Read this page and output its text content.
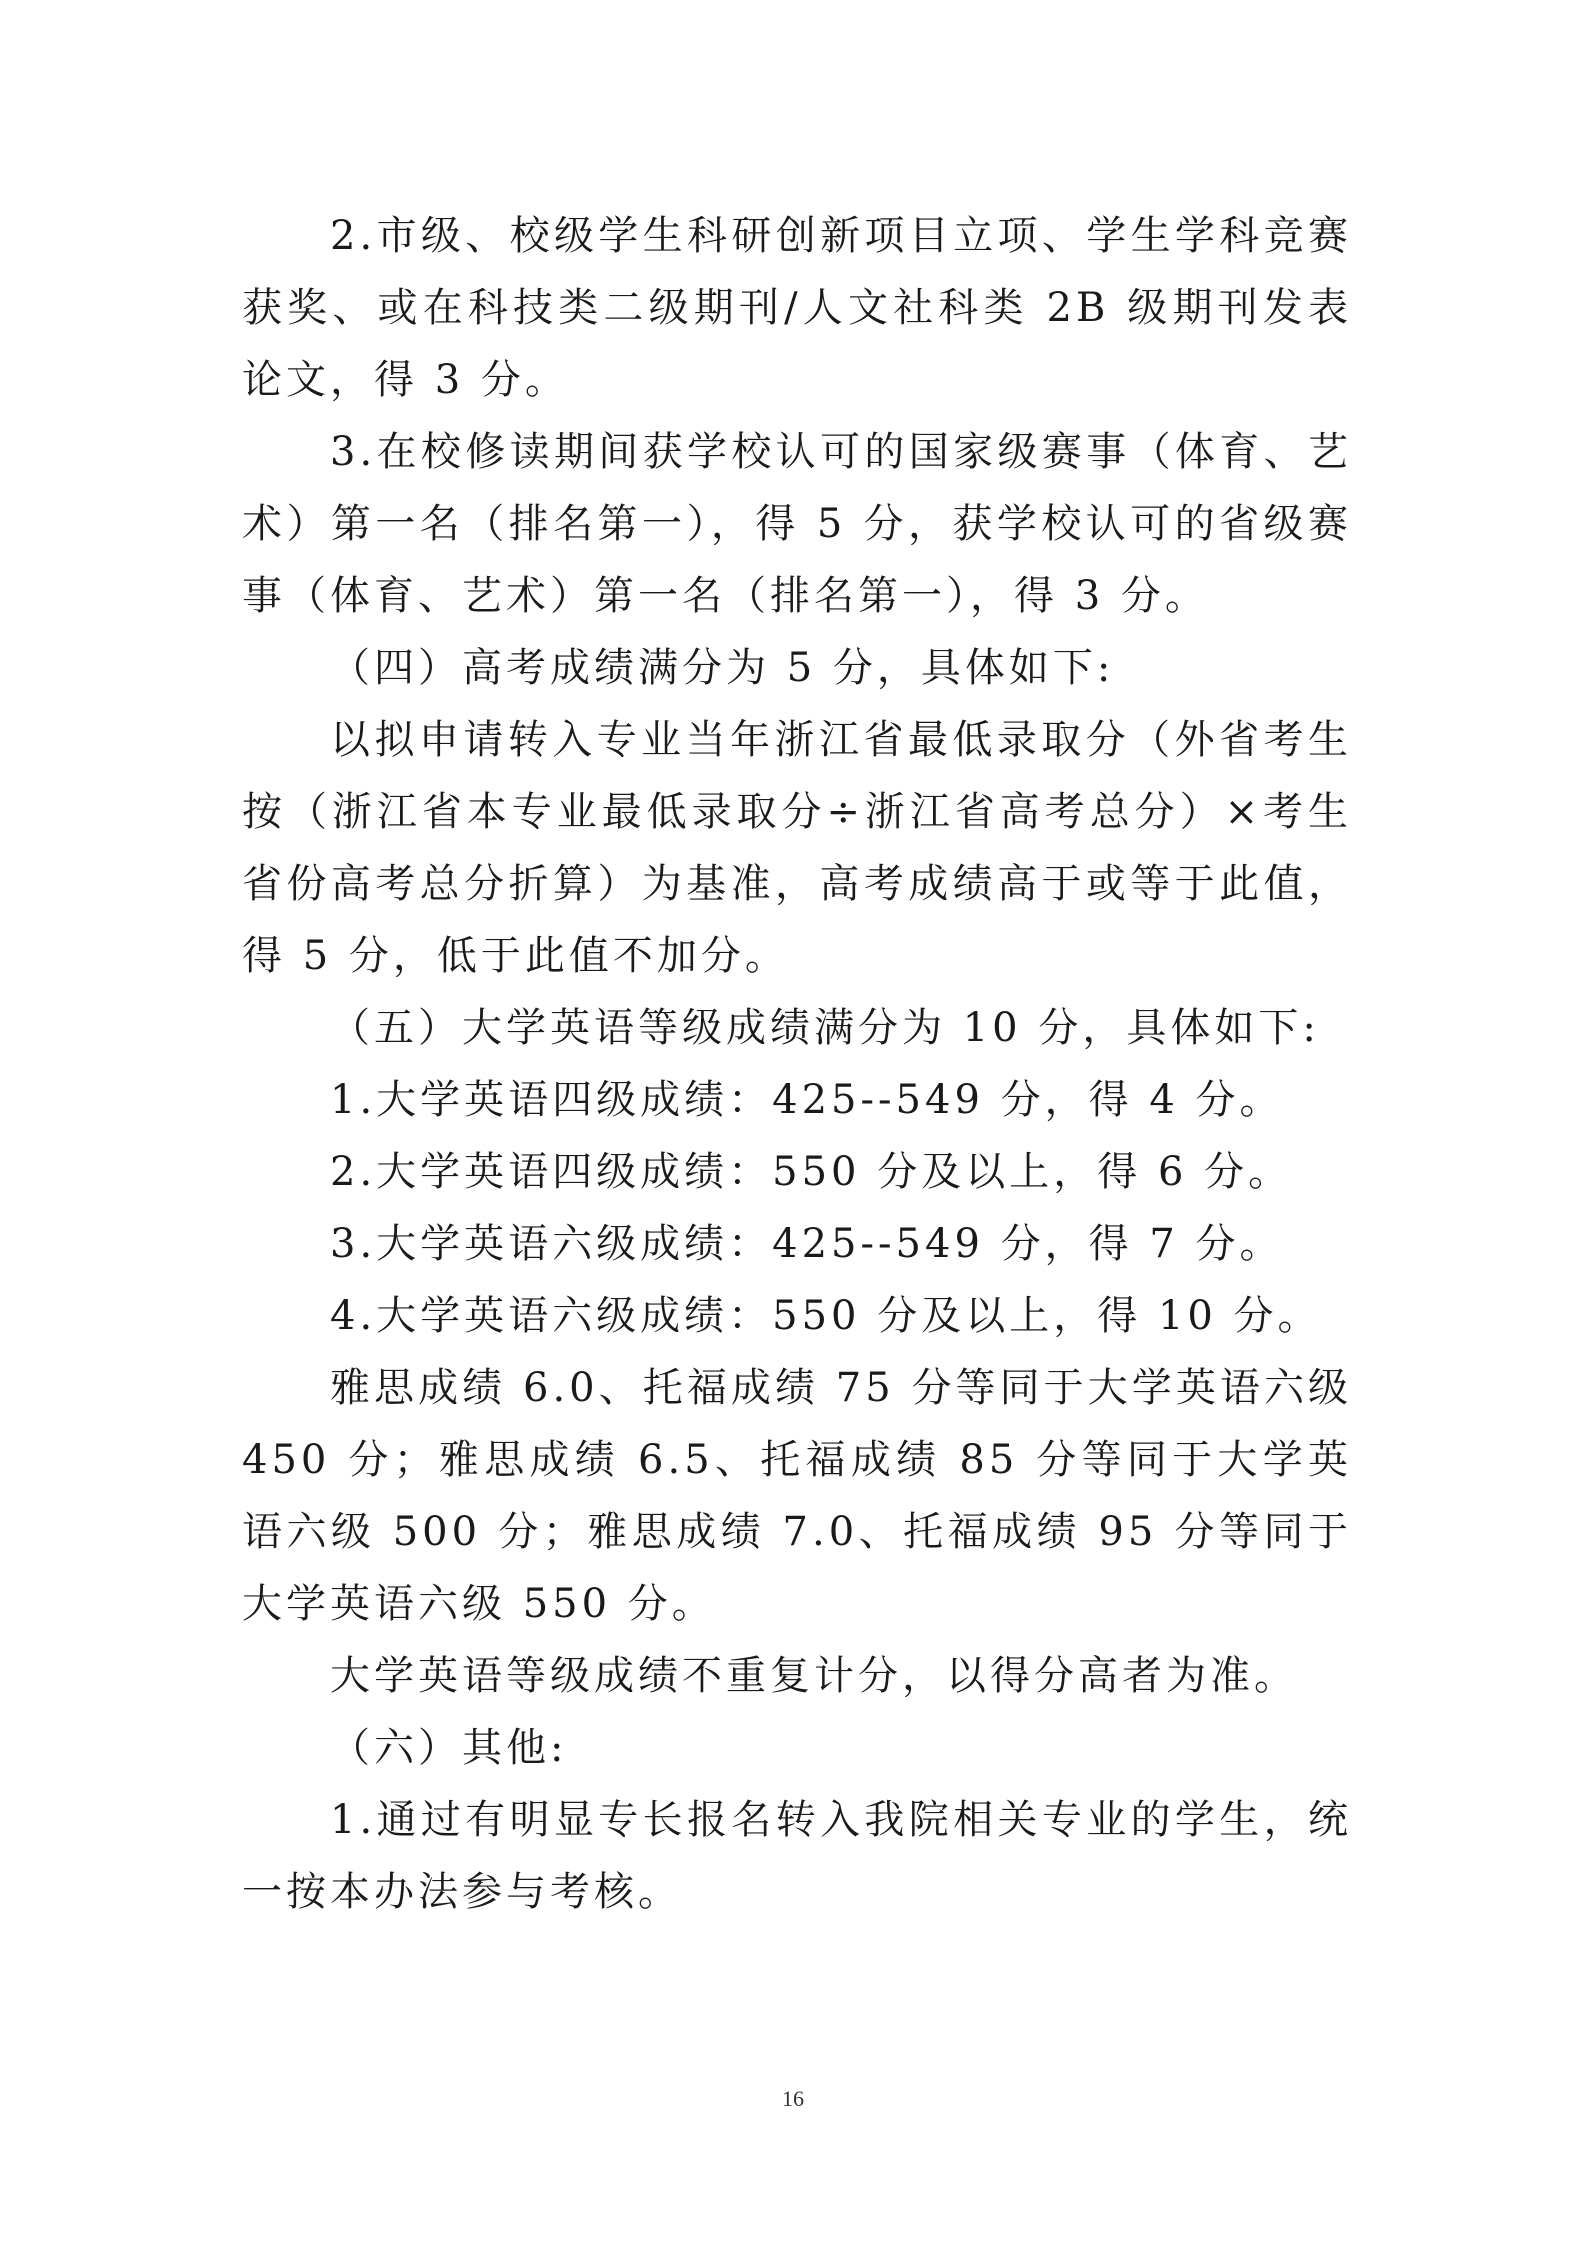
2.市级、校级学生科研创新项目立项、学生学科竞赛获奖、或在科技类二级期刊/人文社科类 2B 级期刊发表论文，得 3 分。

3.在校修读期间获学校认可的国家级赛事（体育、艺术）第一名（排名第一），得 5 分，获学校认可的省级赛事（体育、艺术）第一名（排名第一），得 3 分。

（四）高考成绩满分为 5 分，具体如下:

以拟申请转入专业当年浙江省最低录取分（外省考生按（浙江省本专业最低录取分÷浙江省高考总分）×考生省份高考总分折算）为基准，高考成绩高于或等于此值，得 5 分，低于此值不加分。

（五）大学英语等级成绩满分为 10 分，具体如下:

1.大学英语四级成绩：425--549 分，得 4 分。

2.大学英语四级成绩：550 分及以上，得 6 分。

3.大学英语六级成绩：425--549 分，得 7 分。

4.大学英语六级成绩：550 分及以上，得 10 分。

雅思成绩 6.0、托福成绩 75 分等同于大学英语六级 450 分；雅思成绩 6.5、托福成绩 85 分等同于大学英语六级 500 分；雅思成绩 7.0、托福成绩 95 分等同于大学英语六级 550 分。

大学英语等级成绩不重复计分，以得分高者为准。

（六）其他:

1.通过有明显专长报名转入我院相关专业的学生，统一按本办法参与考核。

16
